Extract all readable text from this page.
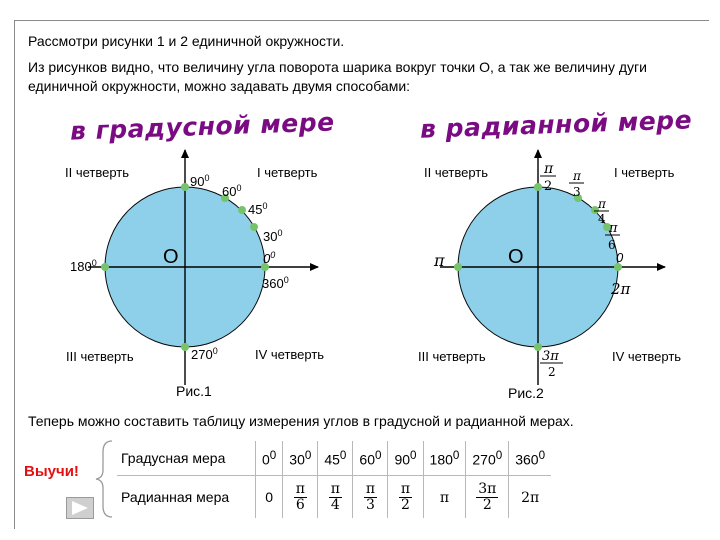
Рассмотри рисунки 1 и 2 единичной окружности.
Из рисунков видно, что величину угла поворота шарика вокруг точки О, а так же величину дуги единичной окружности, можно задавать двумя способами:
в градусной мере	в радианной мере
II четверть	I четверть
III четверть	IV четверть
$90^0$
$60^0$
$45^0$
$30^0$
$0^0$
$180^0$
$360^0$
$270^0$
O
Рис.1
II четверть	I четверть
III четверть	IV четверть
π
2
π
3
π
4
π
6
0
2π
π
3π
2
O
Рис.2
Теперь можно составить таблицу измерения углов в градусной и радианной мерах.
Выучи!
Градусная мера	$0^0$	$30^0$	$45^0$	$60^0$	$90^0$	$180^0$	$270^0$	$360^0$
Радианная мера	0	$\frac{\pi}{6}$	$\frac{\pi}{4}$	$\frac{\pi}{3}$	$\frac{\pi}{2}$	π	$\frac{3\pi}{2}$	2π
